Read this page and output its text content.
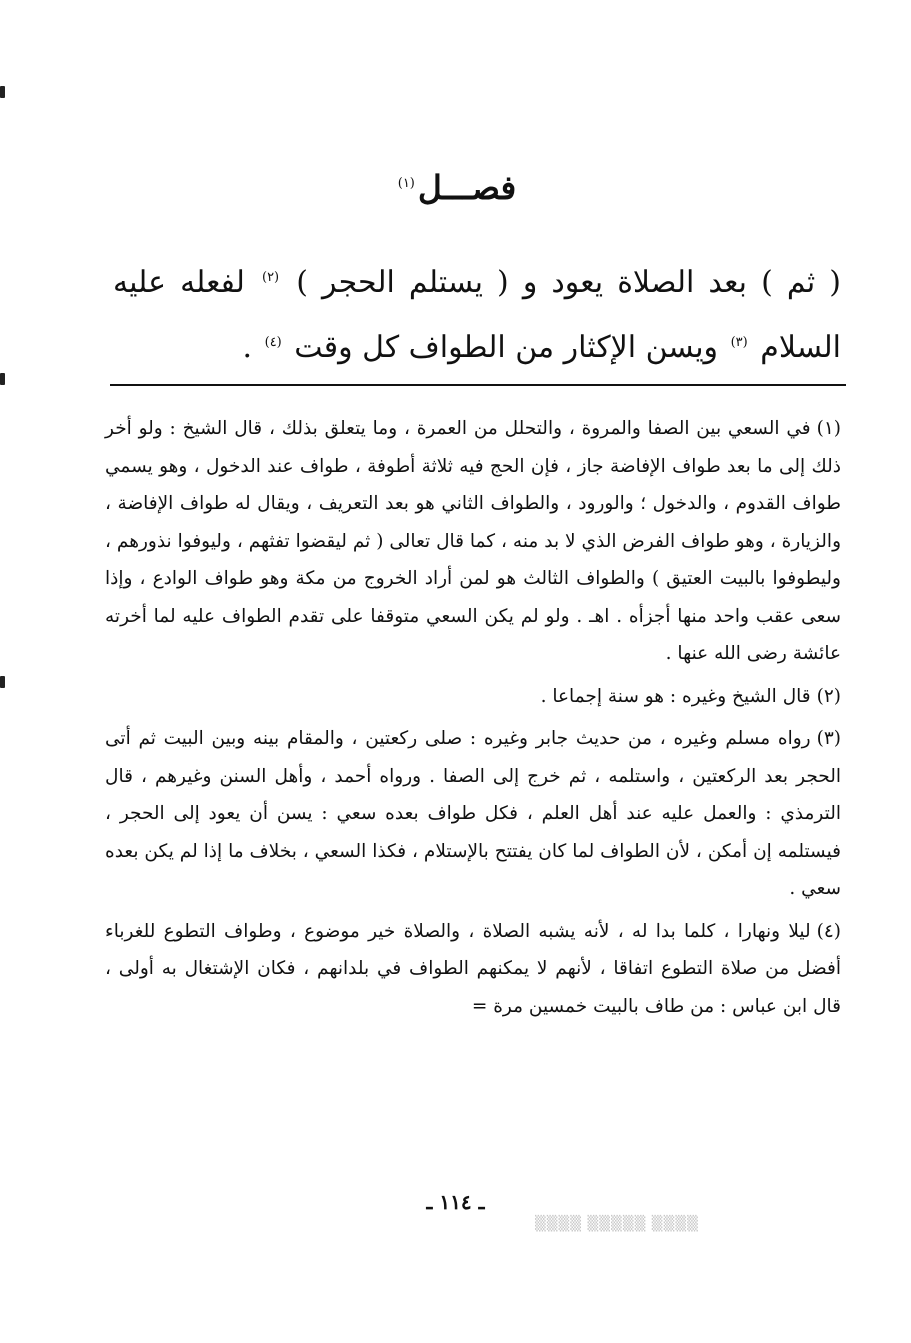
فصـــل$^{(١)}$
( ثم ) بعد الصلاة يعود و ( يستلم الحجر ) $^{(٢)}$ لفعله عليه السلام $^{(٣)}$ ويسن الإكثار من الطواف كل وقت $^{(٤)}$ .

(١)في السعي بين الصفا والمروة ، والتحلل من العمرة ، وما يتعلق بذلك ، قال الشيخ : ولو أخر ذلك إلى ما بعد طواف الإفاضة جاز ، فإن الحج فيه ثلاثة أطوفة ، طواف عند الدخول ، وهو يسمي طواف القدوم ، والدخول ؛ والورود ، والطواف الثاني هو بعد التعريف ، ويقال له طواف الإفاضة ، والزيارة ، وهو طواف الفرض الذي لا بد منه ، كما قال تعالى ( ثم ليقضوا تفثهم ، وليوفوا نذورهم ، وليطوفوا بالبيت العتيق ) والطواف الثالث هو لمن أراد الخروج من مكة وهو طواف الوادع ، وإذا سعى عقب واحد منها أجزأه . اهـ . ولو لم يكن السعي متوقفا على تقدم الطواف عليه لما أخرته عائشة رضى الله عنها .

(٢)قال الشيخ وغيره : هو سنة إجماعا .

(٣)رواه مسلم وغيره ، من حديث جابر وغيره : صلى ركعتين ، والمقام بينه وبين البيت ثم أتى الحجر بعد الركعتين ، واستلمه ، ثم خرج إلى الصفا . ورواه أحمد ، وأهل السنن وغيرهم ، قال الترمذي : والعمل عليه عند أهل العلم ، فكل طواف بعده سعي : يسن أن يعود إلى الحجر ، فيستلمه إن أمكن ، لأن الطواف لما كان يفتتح بالإستلام ، فكذا السعي ، بخلاف ما إذا لم يكن بعده سعي .

(٤)ليلا ونهارا ، كلما بدا له ، لأنه يشبه الصلاة ، والصلاة خير موضوع ، وطواف التطوع للغرباء أفضل من صلاة التطوع اتفاقا ، لأنهم لا يمكنهم الطواف في بلدانهم ، فكان الإشتغال به أولى ، قال ابن عباس : من طاف بالبيت خمسين مرة =

ـ ١١٤ ـ
▒▒▒▒ ▒▒▒▒▒ ▒▒▒▒
